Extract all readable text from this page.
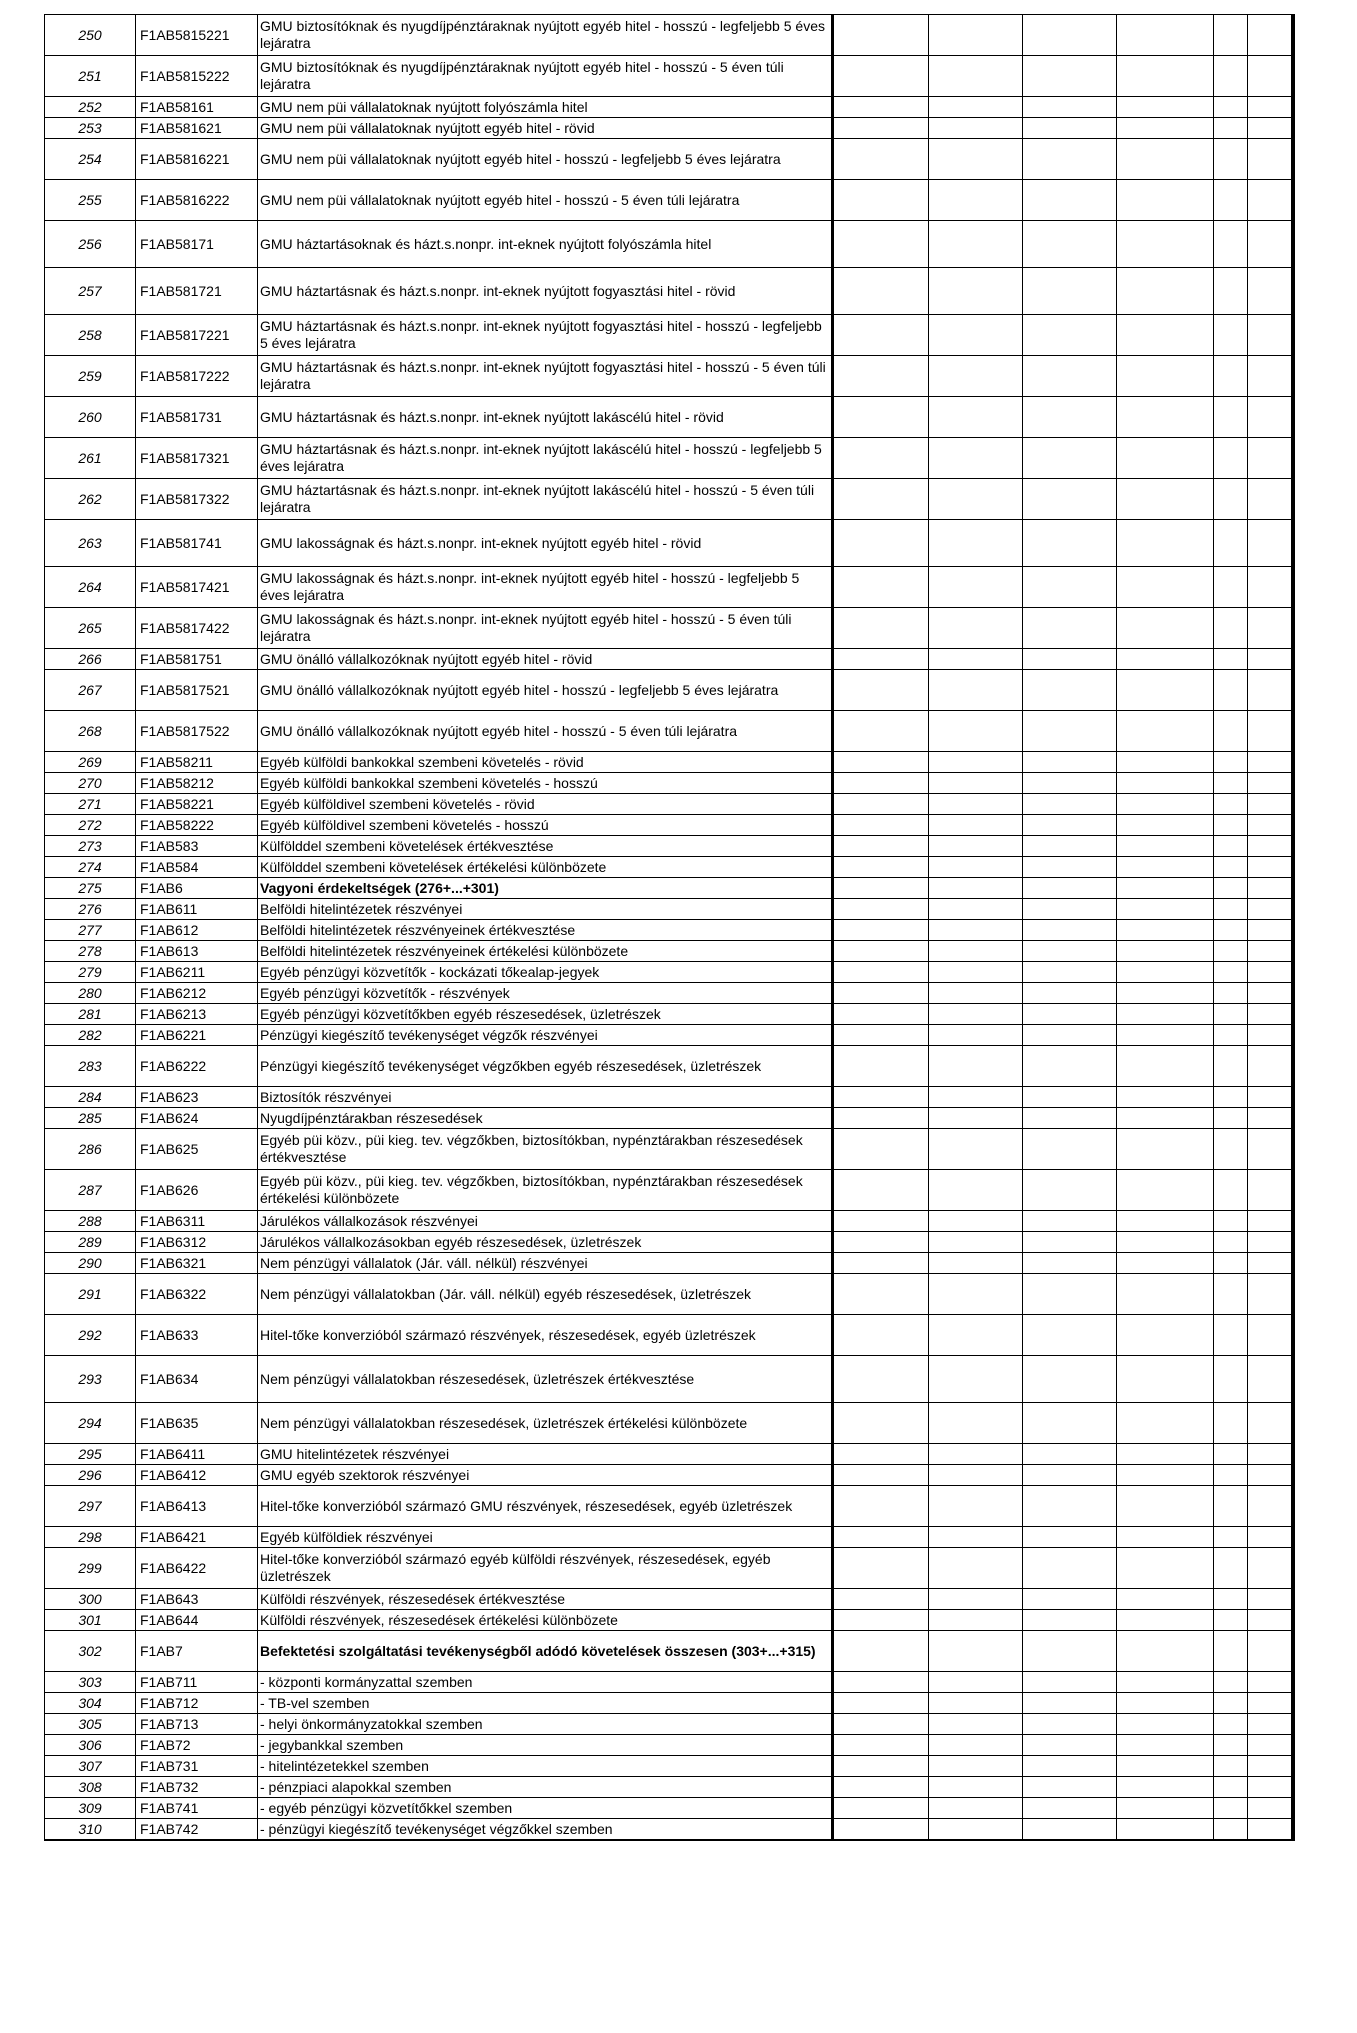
250	F1AB5815221	GMU biztosítóknak és nyugdíjpénztáraknak nyújtott egyéb hitel - hosszú - legfeljebb 5 éves lejáratra						
251	F1AB5815222	GMU biztosítóknak és nyugdíjpénztáraknak nyújtott egyéb hitel - hosszú - 5 éven túli lejáratra						
252	F1AB58161	GMU nem püi vállalatoknak nyújtott folyószámla hitel						
253	F1AB581621	GMU nem püi vállalatoknak nyújtott egyéb hitel - rövid						
254	F1AB5816221	GMU nem püi vállalatoknak nyújtott egyéb hitel - hosszú - legfeljebb 5 éves lejáratra						
255	F1AB5816222	GMU nem püi vállalatoknak nyújtott egyéb hitel - hosszú - 5 éven túli lejáratra						
256	F1AB58171	GMU háztartásoknak és házt.s.nonpr. int-eknek nyújtott folyószámla hitel						
257	F1AB581721	GMU háztartásnak és házt.s.nonpr. int-eknek nyújtott fogyasztási hitel - rövid						
258	F1AB5817221	GMU háztartásnak és házt.s.nonpr. int-eknek nyújtott fogyasztási hitel - hosszú - legfeljebb 5 éves lejáratra						
259	F1AB5817222	GMU háztartásnak és házt.s.nonpr. int-eknek nyújtott fogyasztási hitel - hosszú - 5 éven túli lejáratra						
260	F1AB581731	GMU háztartásnak és házt.s.nonpr. int-eknek nyújtott lakáscélú hitel - rövid						
261	F1AB5817321	GMU háztartásnak és házt.s.nonpr. int-eknek nyújtott lakáscélú hitel - hosszú - legfeljebb 5 éves lejáratra						
262	F1AB5817322	GMU háztartásnak és házt.s.nonpr. int-eknek nyújtott lakáscélú hitel - hosszú - 5 éven túli lejáratra						
263	F1AB581741	GMU lakosságnak és házt.s.nonpr. int-eknek nyújtott egyéb hitel - rövid						
264	F1AB5817421	GMU lakosságnak és házt.s.nonpr. int-eknek nyújtott egyéb hitel - hosszú - legfeljebb 5 éves lejáratra						
265	F1AB5817422	GMU lakosságnak és házt.s.nonpr. int-eknek nyújtott egyéb hitel - hosszú - 5 éven túli lejáratra						
266	F1AB581751	GMU önálló vállalkozóknak nyújtott egyéb hitel - rövid						
267	F1AB5817521	GMU önálló vállalkozóknak nyújtott egyéb hitel - hosszú - legfeljebb 5 éves lejáratra						
268	F1AB5817522	GMU önálló vállalkozóknak nyújtott egyéb hitel - hosszú - 5 éven túli lejáratra						
269	F1AB58211	Egyéb külföldi bankokkal szembeni követelés - rövid						
270	F1AB58212	Egyéb külföldi bankokkal szembeni követelés - hosszú						
271	F1AB58221	Egyéb külföldivel szembeni követelés - rövid						
272	F1AB58222	Egyéb külföldivel szembeni követelés - hosszú						
273	F1AB583	Külfölddel szembeni követelések értékvesztése						
274	F1AB584	Külfölddel szembeni követelések értékelési különbözete						
275	F1AB6	Vagyoni érdekeltségek (276+...+301)						
276	F1AB611	Belföldi hitelintézetek részvényei						
277	F1AB612	Belföldi hitelintézetek részvényeinek értékvesztése						
278	F1AB613	Belföldi hitelintézetek részvényeinek értékelési különbözete						
279	F1AB6211	Egyéb pénzügyi közvetítők - kockázati tőkealap-jegyek						
280	F1AB6212	Egyéb pénzügyi közvetítők - részvények						
281	F1AB6213	Egyéb pénzügyi közvetítőkben egyéb részesedések, üzletrészek						
282	F1AB6221	Pénzügyi kiegészítő tevékenységet végzők részvényei						
283	F1AB6222	Pénzügyi kiegészítő tevékenységet végzőkben egyéb részesedések, üzletrészek						
284	F1AB623	Biztosítók részvényei						
285	F1AB624	Nyugdíjpénztárakban részesedések						
286	F1AB625	Egyéb püi közv., püi kieg. tev. végzőkben, biztosítókban, nypénztárakban részesedések értékvesztése						
287	F1AB626	Egyéb püi közv., püi kieg. tev. végzőkben, biztosítókban, nypénztárakban részesedések értékelési különbözete						
288	F1AB6311	Járulékos vállalkozások részvényei						
289	F1AB6312	Járulékos vállalkozásokban egyéb részesedések, üzletrészek						
290	F1AB6321	Nem pénzügyi vállalatok (Jár. váll. nélkül) részvényei						
291	F1AB6322	Nem pénzügyi vállalatokban (Jár. váll. nélkül) egyéb részesedések, üzletrészek						
292	F1AB633	Hitel-tőke konverzióból származó részvények, részesedések, egyéb üzletrészek						
293	F1AB634	Nem pénzügyi vállalatokban részesedések, üzletrészek értékvesztése						
294	F1AB635	Nem pénzügyi vállalatokban részesedések, üzletrészek értékelési különbözete						
295	F1AB6411	GMU hitelintézetek részvényei						
296	F1AB6412	GMU egyéb szektorok részvényei						
297	F1AB6413	Hitel-tőke konverzióból származó GMU részvények, részesedések, egyéb üzletrészek						
298	F1AB6421	Egyéb külföldiek részvényei						
299	F1AB6422	Hitel-tőke konverzióból származó egyéb külföldi részvények, részesedések, egyéb üzletrészek						
300	F1AB643	Külföldi részvények, részesedések értékvesztése						
301	F1AB644	Külföldi részvények, részesedések értékelési különbözete						
302	F1AB7	Befektetési szolgáltatási tevékenységből adódó követelések összesen (303+...+315)						
303	F1AB711	- központi kormányzattal szemben						
304	F1AB712	- TB-vel szemben						
305	F1AB713	- helyi önkormányzatokkal szemben						
306	F1AB72	- jegybankkal szemben						
307	F1AB731	- hitelintézetekkel szemben						
308	F1AB732	- pénzpiaci alapokkal szemben						
309	F1AB741	- egyéb pénzügyi közvetítőkkel szemben						
310	F1AB742	- pénzügyi kiegészítő tevékenységet végzőkkel szemben						
